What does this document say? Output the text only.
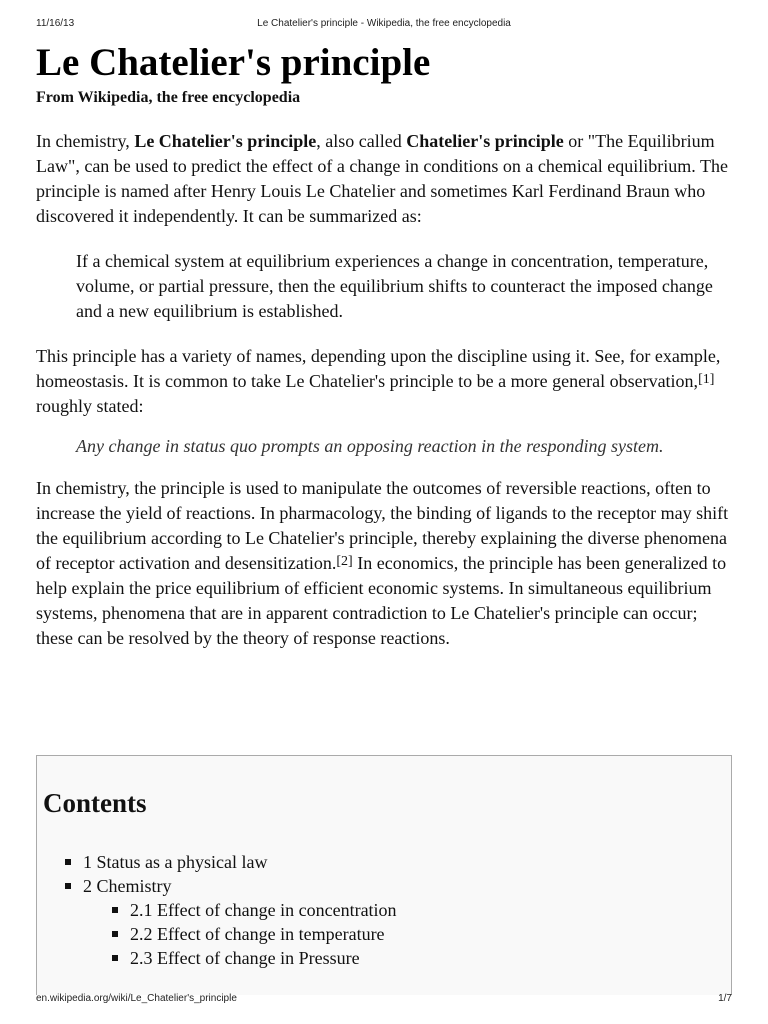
11/16/13	Le Chatelier's principle - Wikipedia, the free encyclopedia
Le Chatelier's principle
From Wikipedia, the free encyclopedia

In chemistry, Le Chatelier's principle, also called Chatelier's principle or "The Equilibrium Law", can be used to predict the effect of a change in conditions on a chemical equilibrium. The principle is named after Henry Louis Le Chatelier and sometimes Karl Ferdinand Braun who discovered it independently. It can be summarized as:

If a chemical system at equilibrium experiences a change in concentration, temperature, volume, or partial pressure, then the equilibrium shifts to counteract the imposed change and a new equilibrium is established.

This principle has a variety of names, depending upon the discipline using it. See, for example, homeostasis. It is common to take Le Chatelier's principle to be a more general observation,[1] roughly stated:

Any change in status quo prompts an opposing reaction in the responding system.

In chemistry, the principle is used to manipulate the outcomes of reversible reactions, often to increase the yield of reactions. In pharmacology, the binding of ligands to the receptor may shift the equilibrium according to Le Chatelier's principle, thereby explaining the diverse phenomena of receptor activation and desensitization.[2] In economics, the principle has been generalized to help explain the price equilibrium of efficient economic systems. In simultaneous equilibrium systems, phenomena that are in apparent contradiction to Le Chatelier's principle can occur; these can be resolved by the theory of response reactions.

Contents
1 Status as a physical law
2 Chemistry
2.1 Effect of change in concentration
2.2 Effect of change in temperature
2.3 Effect of change in Pressure
en.wikipedia.org/wiki/Le_Chatelier's_principle	1/7
